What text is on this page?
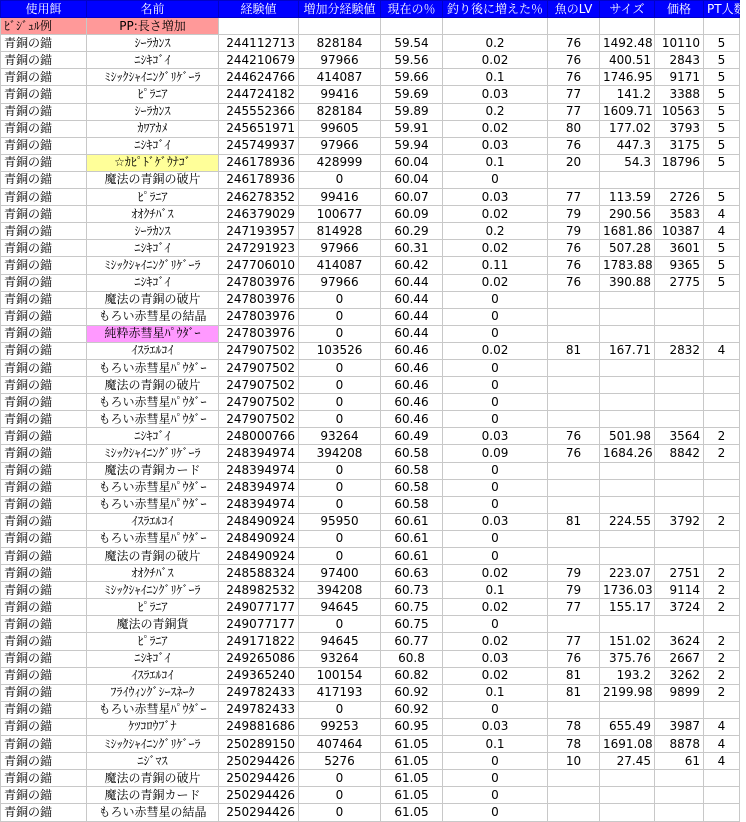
使用餌	名前	経験値	増加分経験値	現在の％	釣り後に増えた％	魚のLV	サイズ	価格	PT人数
ﾋﾞｼﾞｭﾙ例	PP:長さ増加								
青銅の錨	ｼｰﾗｶﾝｽ	244112713	828184	59.54	0.2	76	1492.48	10110	5
青銅の錨	ﾆｼｷｺﾞｲ	244210679	97966	59.56	0.02	76	400.51	2843	5
青銅の錨	ﾐｼｯｸｼｬｲﾆﾝｸﾞﾘｹﾞｰﾗ	244624766	414087	59.66	0.1	76	1746.95	9171	5
青銅の錨	ﾋﾟﾗﾆｱ	244724182	99416	59.69	0.03	77	141.2	3388	5
青銅の錨	ｼｰﾗｶﾝｽ	245552366	828184	59.89	0.2	77	1609.71	10563	5
青銅の錨	ｶﾜｱｶﾒ	245651971	99605	59.91	0.02	80	177.02	3793	5
青銅の錨	ﾆｼｷｺﾞｲ	245749937	97966	59.94	0.03	76	447.3	3175	5
青銅の錨	☆ｶﾋﾟﾄﾞｹﾞｳﾅｺﾞ	246178936	428999	60.04	0.1	20	54.3	18796	5
青銅の錨	魔法の青銅の破片	246178936	0	60.04	0				
青銅の錨	ﾋﾟﾗﾆｱ	246278352	99416	60.07	0.03	77	113.59	2726	5
青銅の錨	ｵｵｸﾁﾊﾞｽ	246379029	100677	60.09	0.02	79	290.56	3583	4
青銅の錨	ｼｰﾗｶﾝｽ	247193957	814928	60.29	0.2	79	1681.86	10387	4
青銅の錨	ﾆｼｷｺﾞｲ	247291923	97966	60.31	0.02	76	507.28	3601	5
青銅の錨	ﾐｼｯｸｼｬｲﾆﾝｸﾞﾘｹﾞｰﾗ	247706010	414087	60.42	0.11	76	1783.88	9365	5
青銅の錨	ﾆｼｷｺﾞｲ	247803976	97966	60.44	0.02	76	390.88	2775	5
青銅の錨	魔法の青銅の破片	247803976	0	60.44	0				
青銅の錨	もろい赤彗星の結晶	247803976	0	60.44	0				
青銅の錨	純粋赤彗星ﾊﾟｳﾀﾞｰ	247803976	0	60.44	0				
青銅の錨	ｲｽﾗｴﾙｺｲ	247907502	103526	60.46	0.02	81	167.71	2832	4
青銅の錨	もろい赤彗星ﾊﾟｳﾀﾞｰ	247907502	0	60.46	0				
青銅の錨	魔法の青銅の破片	247907502	0	60.46	0				
青銅の錨	もろい赤彗星ﾊﾟｳﾀﾞｰ	247907502	0	60.46	0				
青銅の錨	もろい赤彗星ﾊﾟｳﾀﾞｰ	247907502	0	60.46	0				
青銅の錨	ﾆｼｷｺﾞｲ	248000766	93264	60.49	0.03	76	501.98	3564	2
青銅の錨	ﾐｼｯｸｼｬｲﾆﾝｸﾞﾘｹﾞｰﾗ	248394974	394208	60.58	0.09	76	1684.26	8842	2
青銅の錨	魔法の青銅カード	248394974	0	60.58	0				
青銅の錨	もろい赤彗星ﾊﾟｳﾀﾞｰ	248394974	0	60.58	0				
青銅の錨	もろい赤彗星ﾊﾟｳﾀﾞｰ	248394974	0	60.58	0				
青銅の錨	ｲｽﾗｴﾙｺｲ	248490924	95950	60.61	0.03	81	224.55	3792	2
青銅の錨	もろい赤彗星ﾊﾟｳﾀﾞｰ	248490924	0	60.61	0				
青銅の錨	魔法の青銅の破片	248490924	0	60.61	0				
青銅の錨	ｵｵｸﾁﾊﾞｽ	248588324	97400	60.63	0.02	79	223.07	2751	2
青銅の錨	ﾐｼｯｸｼｬｲﾆﾝｸﾞﾘｹﾞｰﾗ	248982532	394208	60.73	0.1	79	1736.03	9114	2
青銅の錨	ﾋﾟﾗﾆｱ	249077177	94645	60.75	0.02	77	155.17	3724	2
青銅の錨	魔法の青銅貨	249077177	0	60.75	0				
青銅の錨	ﾋﾟﾗﾆｱ	249171822	94645	60.77	0.02	77	151.02	3624	2
青銅の錨	ﾆｼｷｺﾞｲ	249265086	93264	60.8	0.03	76	375.76	2667	2
青銅の錨	ｲｽﾗｴﾙｺｲ	249365240	100154	60.82	0.02	81	193.2	3262	2
青銅の錨	ﾌﾗｲｳｨﾝｸﾞｼｰｽﾈｰｸ	249782433	417193	60.92	0.1	81	2199.98	9899	2
青銅の錨	もろい赤彗星ﾊﾟｳﾀﾞｰ	249782433	0	60.92	0				
青銅の錨	ｹﾂｺﾛｳﾌﾞﾅ	249881686	99253	60.95	0.03	78	655.49	3987	4
青銅の錨	ﾐｼｯｸｼｬｲﾆﾝｸﾞﾘｹﾞｰﾗ	250289150	407464	61.05	0.1	78	1691.08	8878	4
青銅の錨	ﾆｼﾞﾏｽ	250294426	5276	61.05	0	10	27.45	61	4
青銅の錨	魔法の青銅の破片	250294426	0	61.05	0				
青銅の錨	魔法の青銅カード	250294426	0	61.05	0				
青銅の錨	もろい赤彗星の結晶	250294426	0	61.05	0				
